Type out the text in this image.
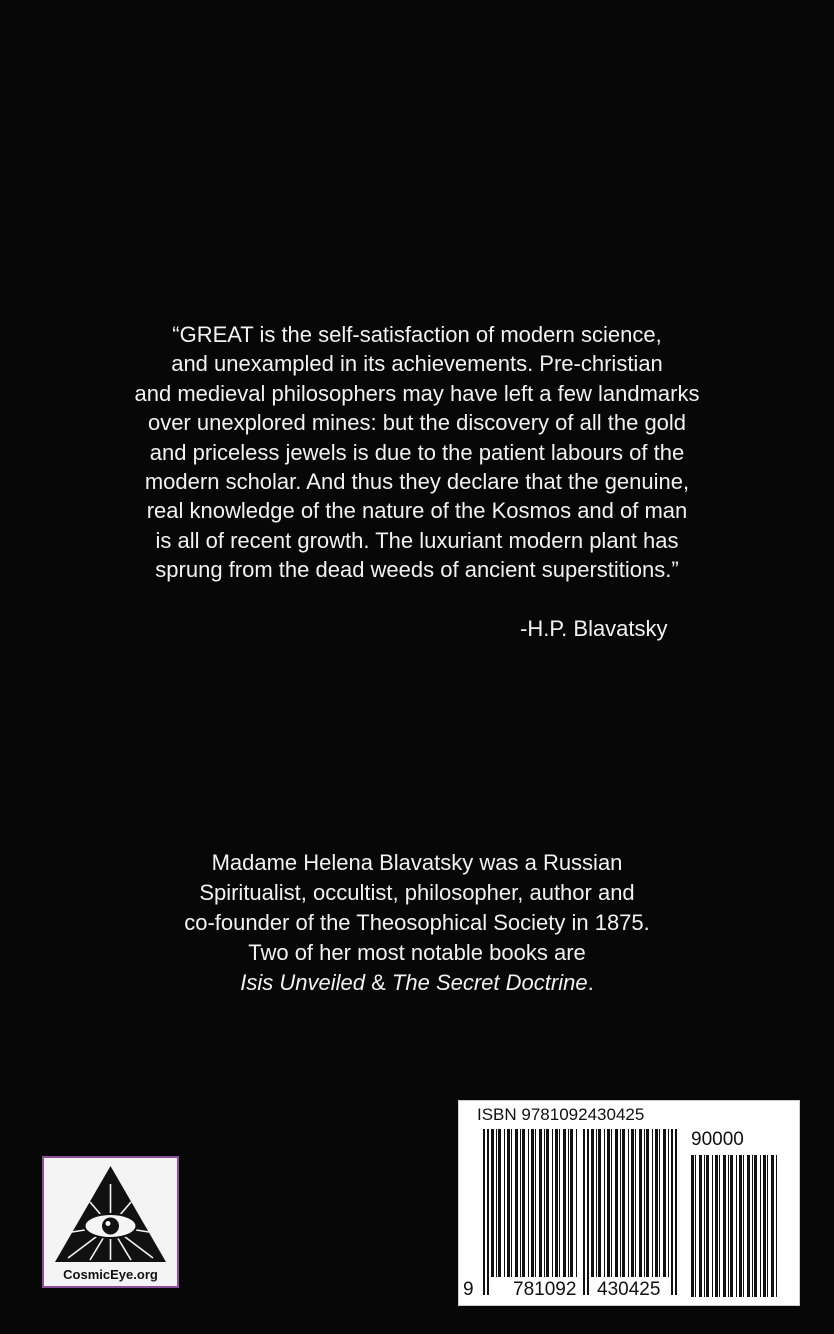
“GREAT is the self-satisfaction of modern science,
and unexampled in its achievements. Pre-christian
and medieval philosophers may have left a few landmarks
over unexplored mines: but the discovery of all the gold
and priceless jewels is due to the patient labours of the
modern scholar. And thus they declare that the genuine,
real knowledge of the nature of the Kosmos and of man
is all of recent growth. The luxuriant modern plant has
sprung from the dead weeds of ancient superstitions.”
-H.P. Blavatsky
Madame Helena Blavatsky was a Russian
Spiritualist, occultist, philosopher, author and
co-founder of the Theosophical Society in 1875.
Two of her most notable books are
Isis Unveiled & The Secret Doctrine.
CosmicEye.org
ISBN 9781092430425
90000
9 781092 430425
